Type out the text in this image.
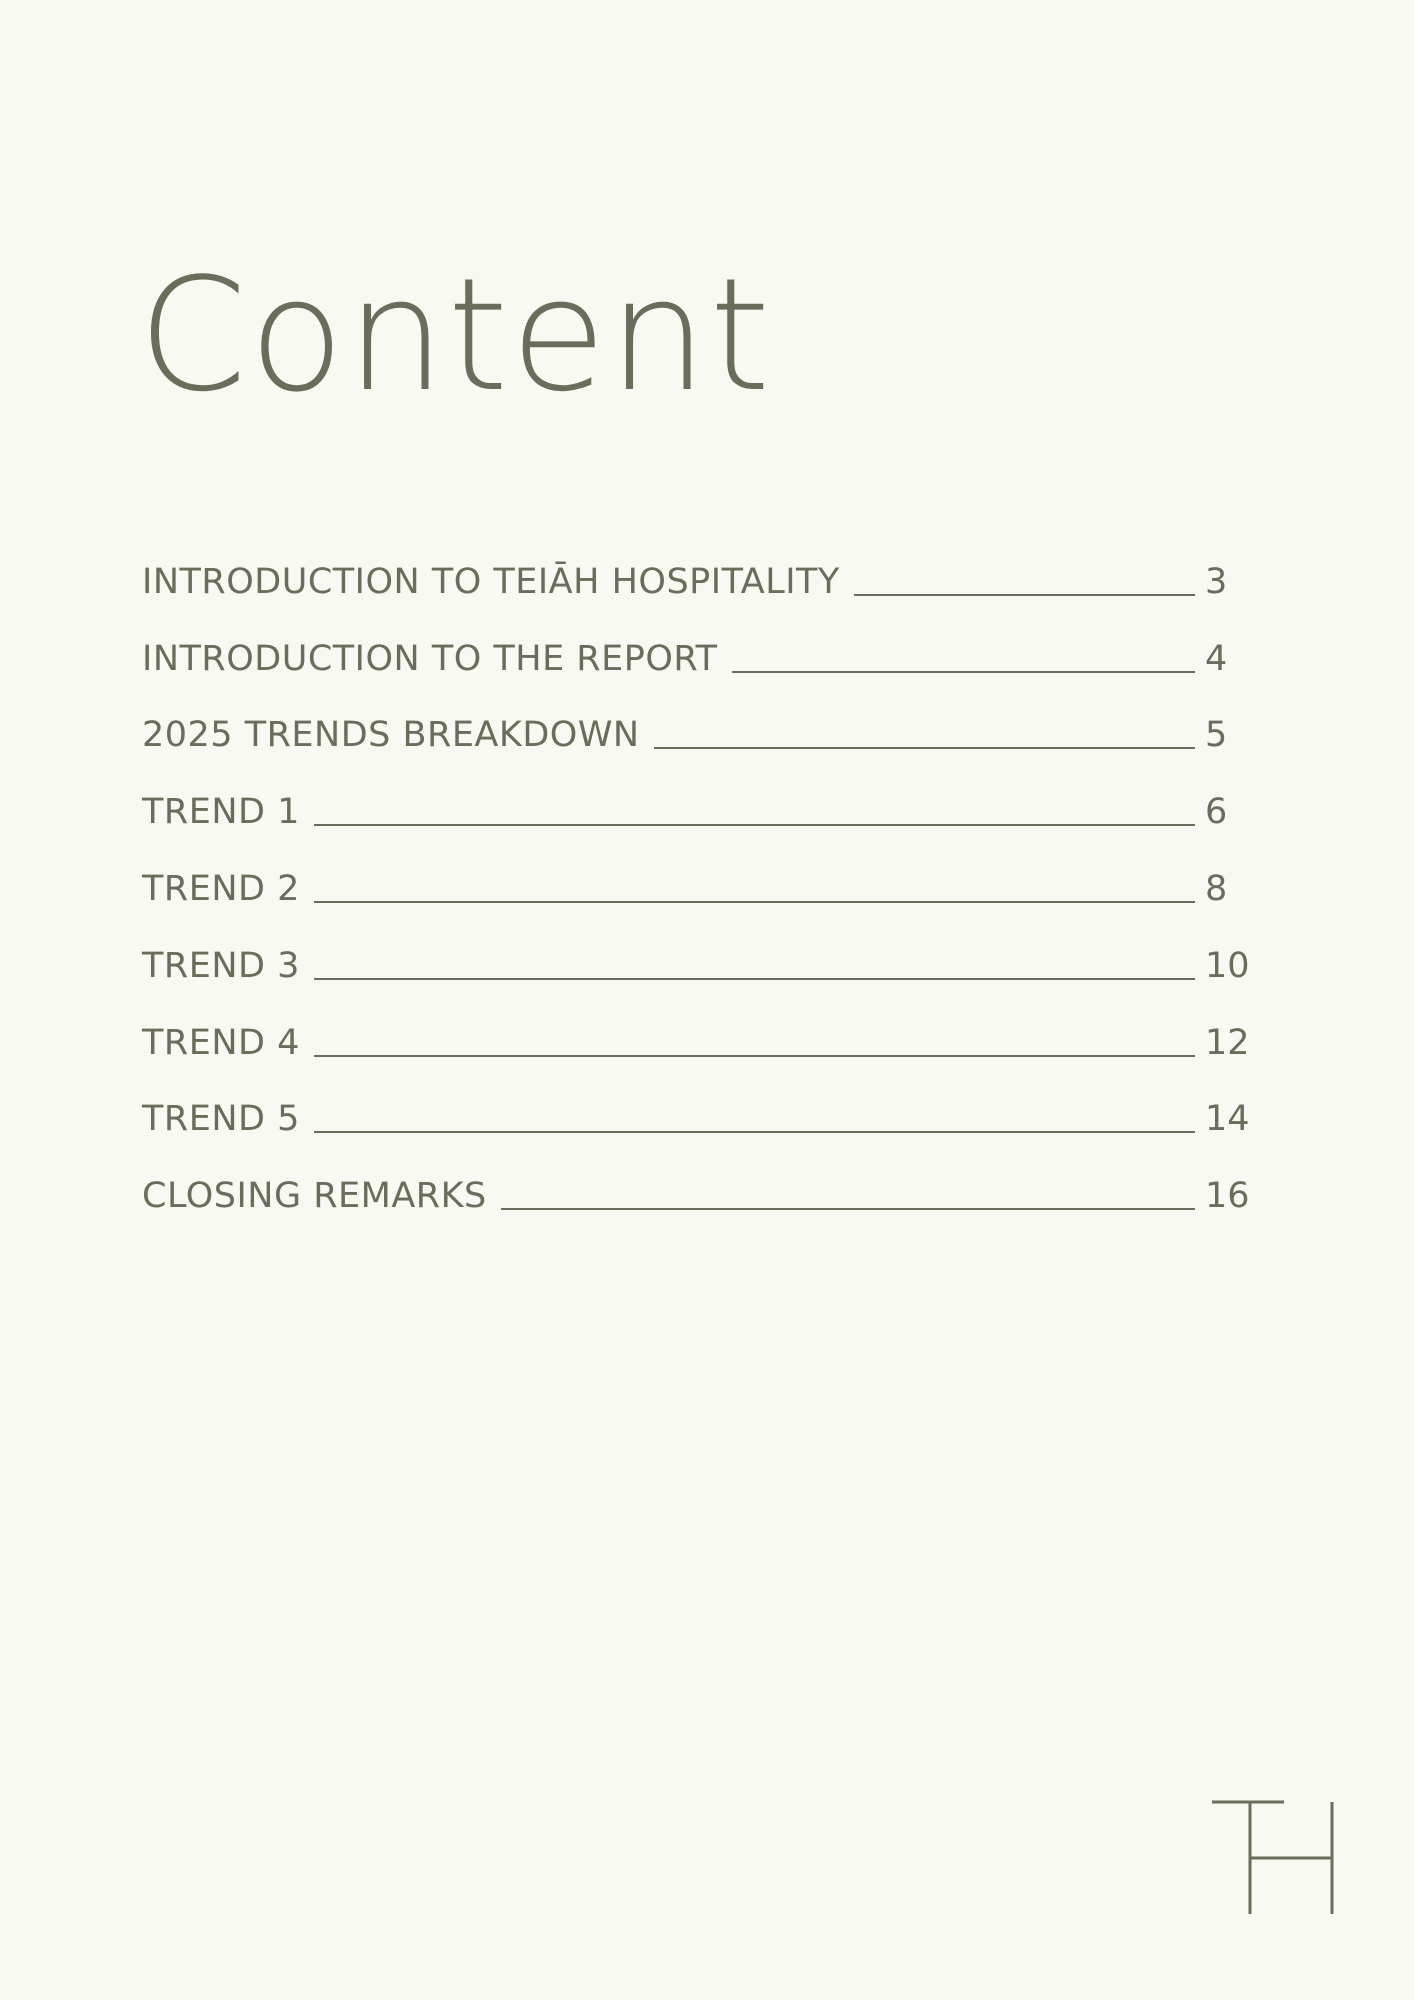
Content
INTRODUCTION TO TEIĀH HOSPITALITY	3
INTRODUCTION TO THE REPORT	4
2025 TRENDS BREAKDOWN	5
TREND 1	6
TREND 2	8
TREND 3	10
TREND 4	12
TREND 5	14
CLOSING REMARKS	16
